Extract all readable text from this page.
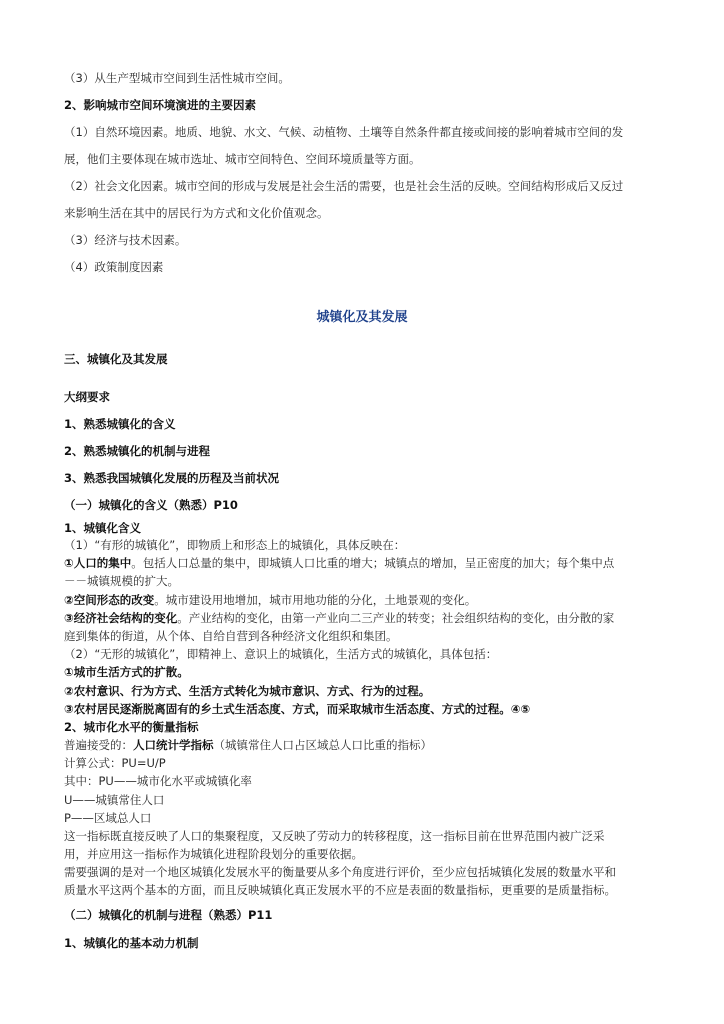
（3）从生产型城市空间到生活性城市空间。
2、影响城市空间环境演进的主要因素
（1）自然环境因素。地质、地貌、水文、气候、动植物、土壤等自然条件都直接或间接的影响着城市空间的发
展，他们主要体现在城市选址、城市空间特色、空间环境质量等方面。
（2）社会文化因素。城市空间的形成与发展是社会生活的需要，也是社会生活的反映。空间结构形成后又反过
来影响生活在其中的居民行为方式和文化价值观念。
（3）经济与技术因素。
（4）政策制度因素
城镇化及其发展
三、城镇化及其发展
大纲要求
1、熟悉城镇化的含义
2、熟悉城镇化的机制与进程
3、熟悉我国城镇化发展的历程及当前状况
（一）城镇化的含义（熟悉）P10
1、城镇化含义
（1）“有形的城镇化”，即物质上和形态上的城镇化，具体反映在：
①人口的集中。包括人口总量的集中，即城镇人口比重的增大；城镇点的增加，呈正密度的加大；每个集中点
－－城镇规模的扩大。
②空间形态的改变。城市建设用地增加，城市用地功能的分化，土地景观的变化。
③经济社会结构的变化。产业结构的变化，由第一产业向二三产业的转变；社会组织结构的变化，由分散的家
庭到集体的街道，从个体、自给自营到各种经济文化组织和集团。
（2）“无形的城镇化”，即精神上、意识上的城镇化，生活方式的城镇化，具体包括：
①城市生活方式的扩散。
②农村意识、行为方式、生活方式转化为城市意识、方式、行为的过程。
③农村居民逐渐脱离固有的乡土式生活态度、方式，而采取城市生活态度、方式的过程。④⑤
2、城市化水平的衡量指标
普遍接受的：人口统计学指标（城镇常住人口占区域总人口比重的指标）
计算公式：PU=U/P
其中：PU——城市化水平或城镇化率
U——城镇常住人口
P——区域总人口
这一指标既直接反映了人口的集聚程度，又反映了劳动力的转移程度，这一指标目前在世界范围内被广泛采
用，并应用这一指标作为城镇化进程阶段划分的重要依据。
需要强调的是对一个地区城镇化发展水平的衡量要从多个角度进行评价，至少应包括城镇化发展的数量水平和
质量水平这两个基本的方面，而且反映城镇化真正发展水平的不应是表面的数量指标，更重要的是质量指标。
（二）城镇化的机制与进程（熟悉）P11
1、城镇化的基本动力机制
